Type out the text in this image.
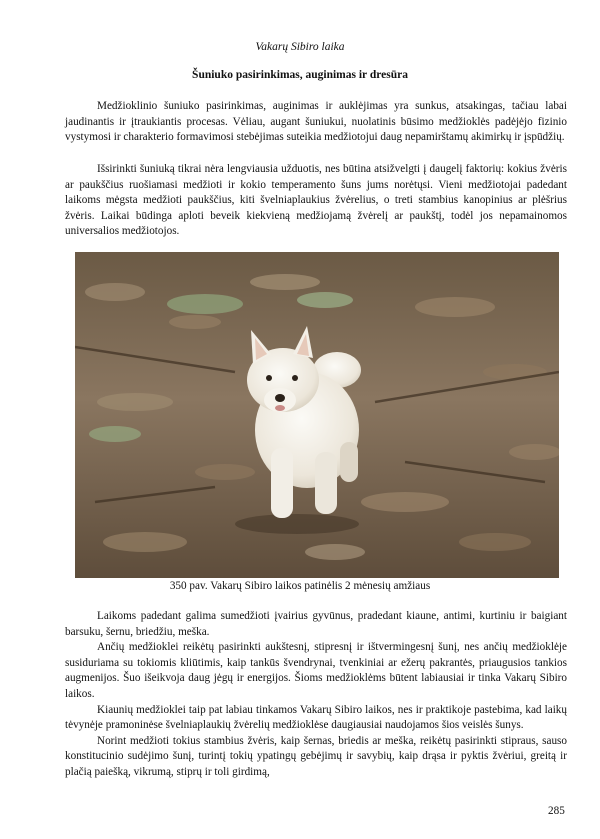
Vakarų Sibiro laika
Šuniuko pasirinkimas, auginimas ir dresūra

Medžioklinio šuniuko pasirinkimas, auginimas ir auklėjimas yra sunkus, atsakingas, tačiau labai jaudinantis ir įtraukiantis procesas. Vėliau, augant šuniukui, nuolatinis būsimo medžioklės padėjėjo fizinio vystymosi ir charakterio formavimosi stebėjimas suteikia medžiotojui daug nepamirštamų akimirkų ir įspūdžių.

Išsirinkti šuniuką tikrai nėra lengviausia užduotis, nes būtina atsižvelgti į daugelį faktorių: kokius žvėris ar paukščius ruošiamasi medžioti ir kokio temperamento šuns jums norėtųsi. Vieni medžiotojai padedant laikoms mėgsta medžioti paukščius, kiti švelniaplaukius žvėrelius, o treti stambius kanopinius ar plėšrius žvėris. Laikai būdinga aploti beveik kiekvieną medžiojamą žvėrelį ar paukštį, todėl jos nepamainomos universalios medžiotojos.

350 pav. Vakarų Sibiro laikos patinėlis 2 mėnesių amžiaus

Laikoms padedant galima sumedžioti įvairius gyvūnus, pradedant kiaune, antimi, kurtiniu ir baigiant barsuku, šernu, briedžiu, meška.

Ančių medžioklei reikėtų pasirinkti aukštesnį, stipresnį ir ištvermingesnį šunį, nes ančių medžioklėje susiduriama su tokiomis kliūtimis, kaip tankūs švendrynai, tvenkiniai ar ežerų pakrantės, priaugusios tankios augmenijos. Šuo išeikvoja daug jėgų ir energijos. Šioms medžioklėms būtent labiausiai ir tinka Vakarų Sibiro laikos.

Kiaunių medžioklei taip pat labiau tinkamos Vakarų Sibiro laikos, nes ir praktikoje pastebima, kad laikų tėvynėje pramoninėse švelniaplaukių žvėrelių medžioklėse daugiausiai naudojamos šios veislės šunys.

Norint medžioti tokius stambius žvėris, kaip šernas, briedis ar meška, reikėtų pasirinkti stipraus, sauso konstitucinio sudėjimo šunį, turintį tokių ypatingų gebėjimų ir savybių, kaip drąsa ir pyktis žvėriui, greitą ir plačią paiešką, vikrumą, stiprų ir toli girdimą,

285
